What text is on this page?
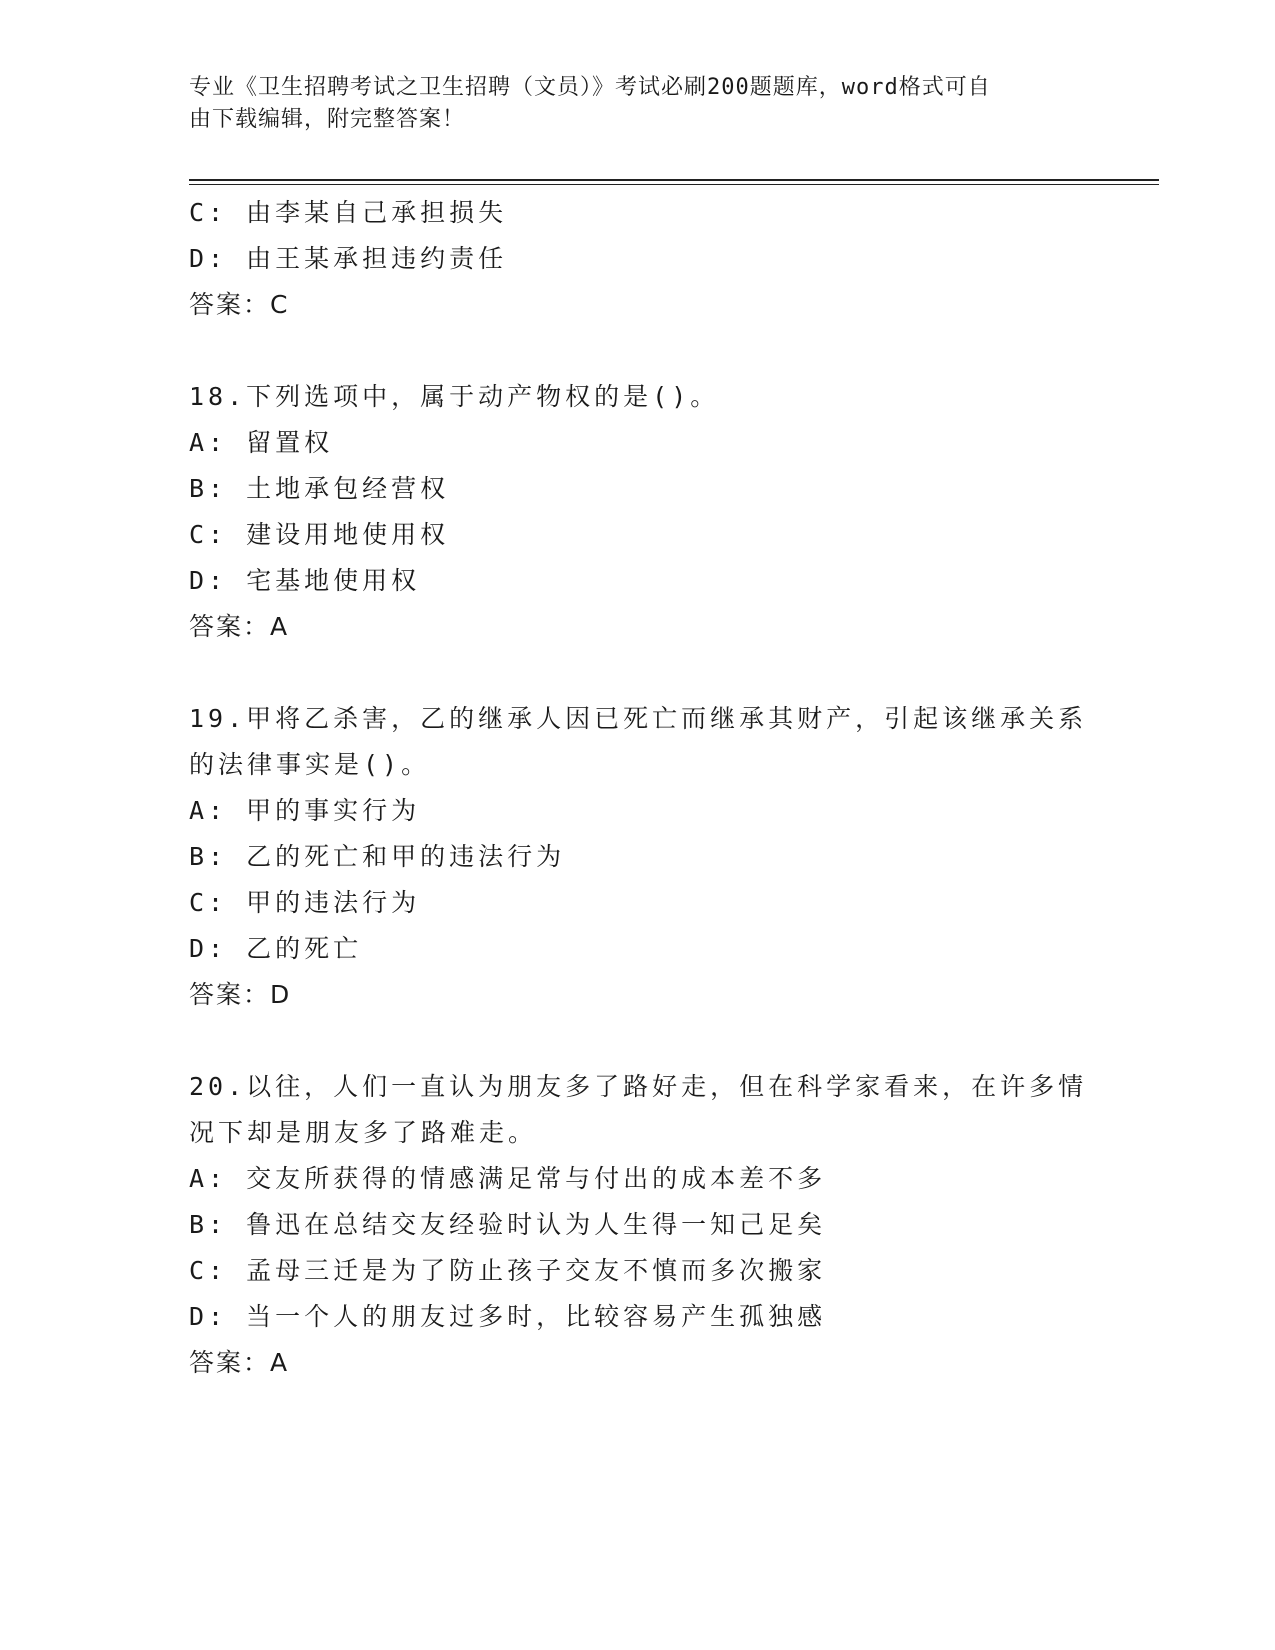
专业《卫生招聘考试之卫生招聘（文员）》考试必刷200题题库，word格式可自
由下载编辑，附完整答案！
C: 由李某自己承担损失
D: 由王某承担违约责任
答案：C
18.下列选项中，属于动产物权的是()。
A: 留置权
B: 土地承包经营权
C: 建设用地使用权
D: 宅基地使用权
答案：A
19.甲将乙杀害，乙的继承人因已死亡而继承其财产，引起该继承关系
的法律事实是()。
A: 甲的事实行为
B: 乙的死亡和甲的违法行为
C: 甲的违法行为
D: 乙的死亡
答案：D
20.以往，人们一直认为朋友多了路好走，但在科学家看来，在许多情
况下却是朋友多了路难走。
A: 交友所获得的情感满足常与付出的成本差不多
B: 鲁迅在总结交友经验时认为人生得一知己足矣
C: 孟母三迁是为了防止孩子交友不慎而多次搬家
D: 当一个人的朋友过多时，比较容易产生孤独感
答案：A
